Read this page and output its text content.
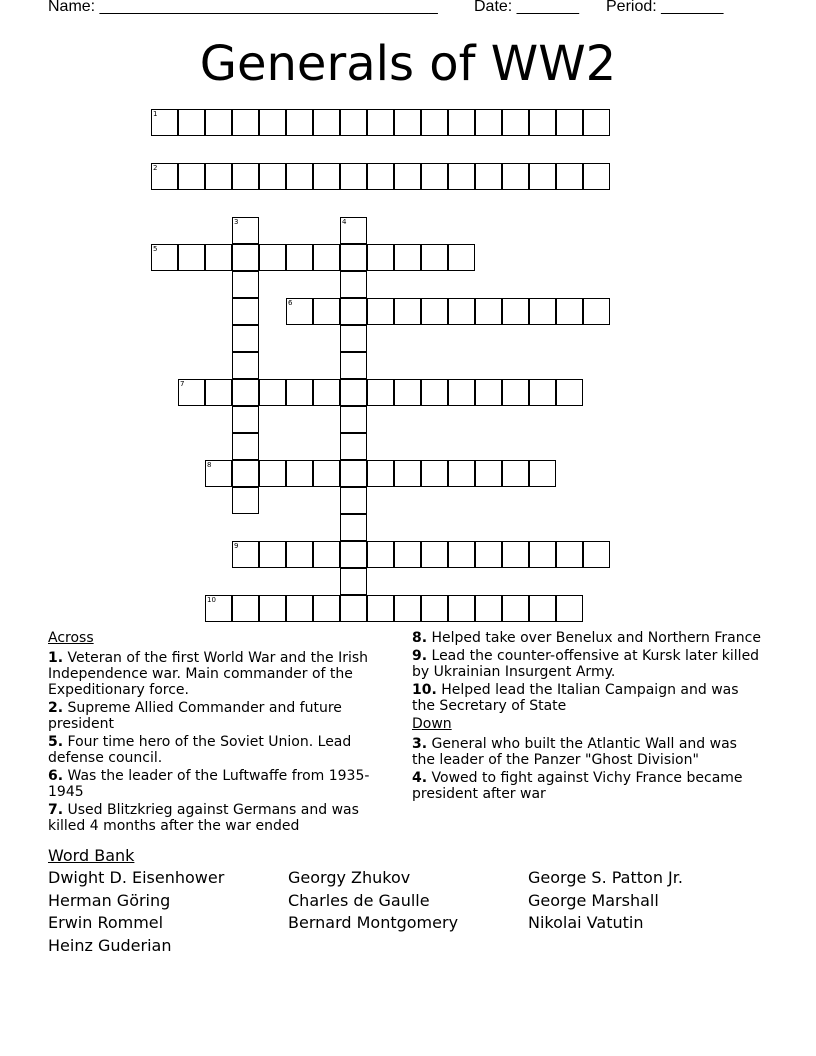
Name: ______________________________________ Date: _______ Period: _______
Generals of WW2
1
2
3	4
5
6
7
8
9
10
Across
1. Veteran of the first World War and the Irish Independence war. Main commander of the Expeditionary force.
2. Supreme Allied Commander and future president
5. Four time hero of the Soviet Union. Lead defense council.
6. Was the leader of the Luftwaffe from 1935-1945
7. Used Blitzkrieg against Germans and was killed 4 months after the war ended
8. Helped take over Benelux and Northern France
9. Lead the counter-offensive at Kursk later killed by Ukrainian Insurgent Army.
10. Helped lead the Italian Campaign and was the Secretary of State
Down
3. General who built the Atlantic Wall and was the leader of the Panzer "Ghost Division"
4. Vowed to fight against Vichy France became president after war
Word Bank
Dwight D. Eisenhower
Herman Göring
Erwin Rommel
Heinz Guderian
Georgy Zhukov
Charles de Gaulle
Bernard Montgomery
George S. Patton Jr.
George Marshall
Nikolai Vatutin
